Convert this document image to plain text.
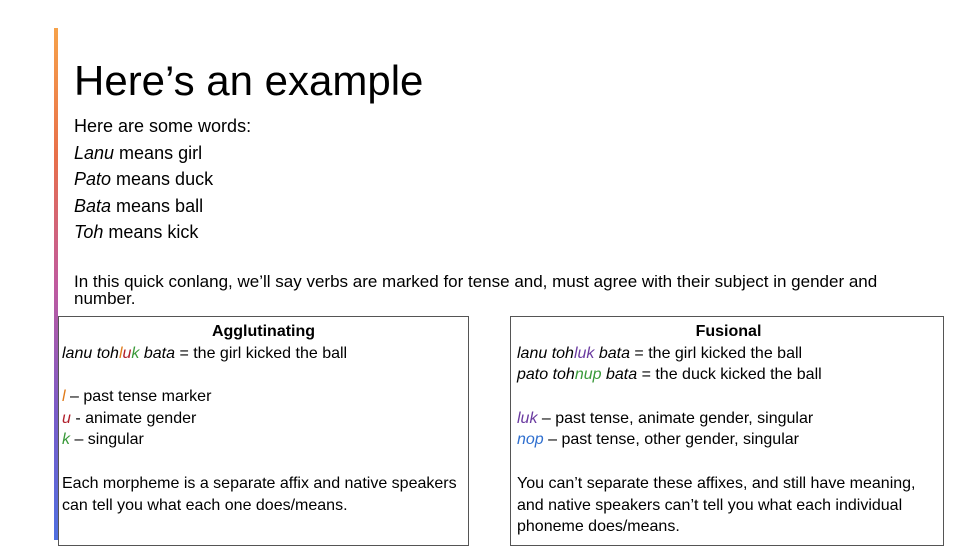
Here’s an example
Here are some words:
Lanu means girl
Pato means duck
Bata means ball
Toh means kick
In this quick conlang, we’ll say verbs are marked for tense and, must agree with their subject in gender and number.
Agglutinating
lanu tohluk bata = the girl kicked the ball
l – past tense marker
u - animate gender
k – singular
Each morpheme is a separate affix and native speakers can tell you what each one does/means.
Fusional
lanu tohluk bata = the girl kicked the ball
pato tohnup bata = the duck kicked the ball
luk – past tense, animate gender, singular
nop – past tense, other gender, singular
You can’t separate these affixes, and still have meaning, and native speakers can’t tell you what each individual phoneme does/means.
